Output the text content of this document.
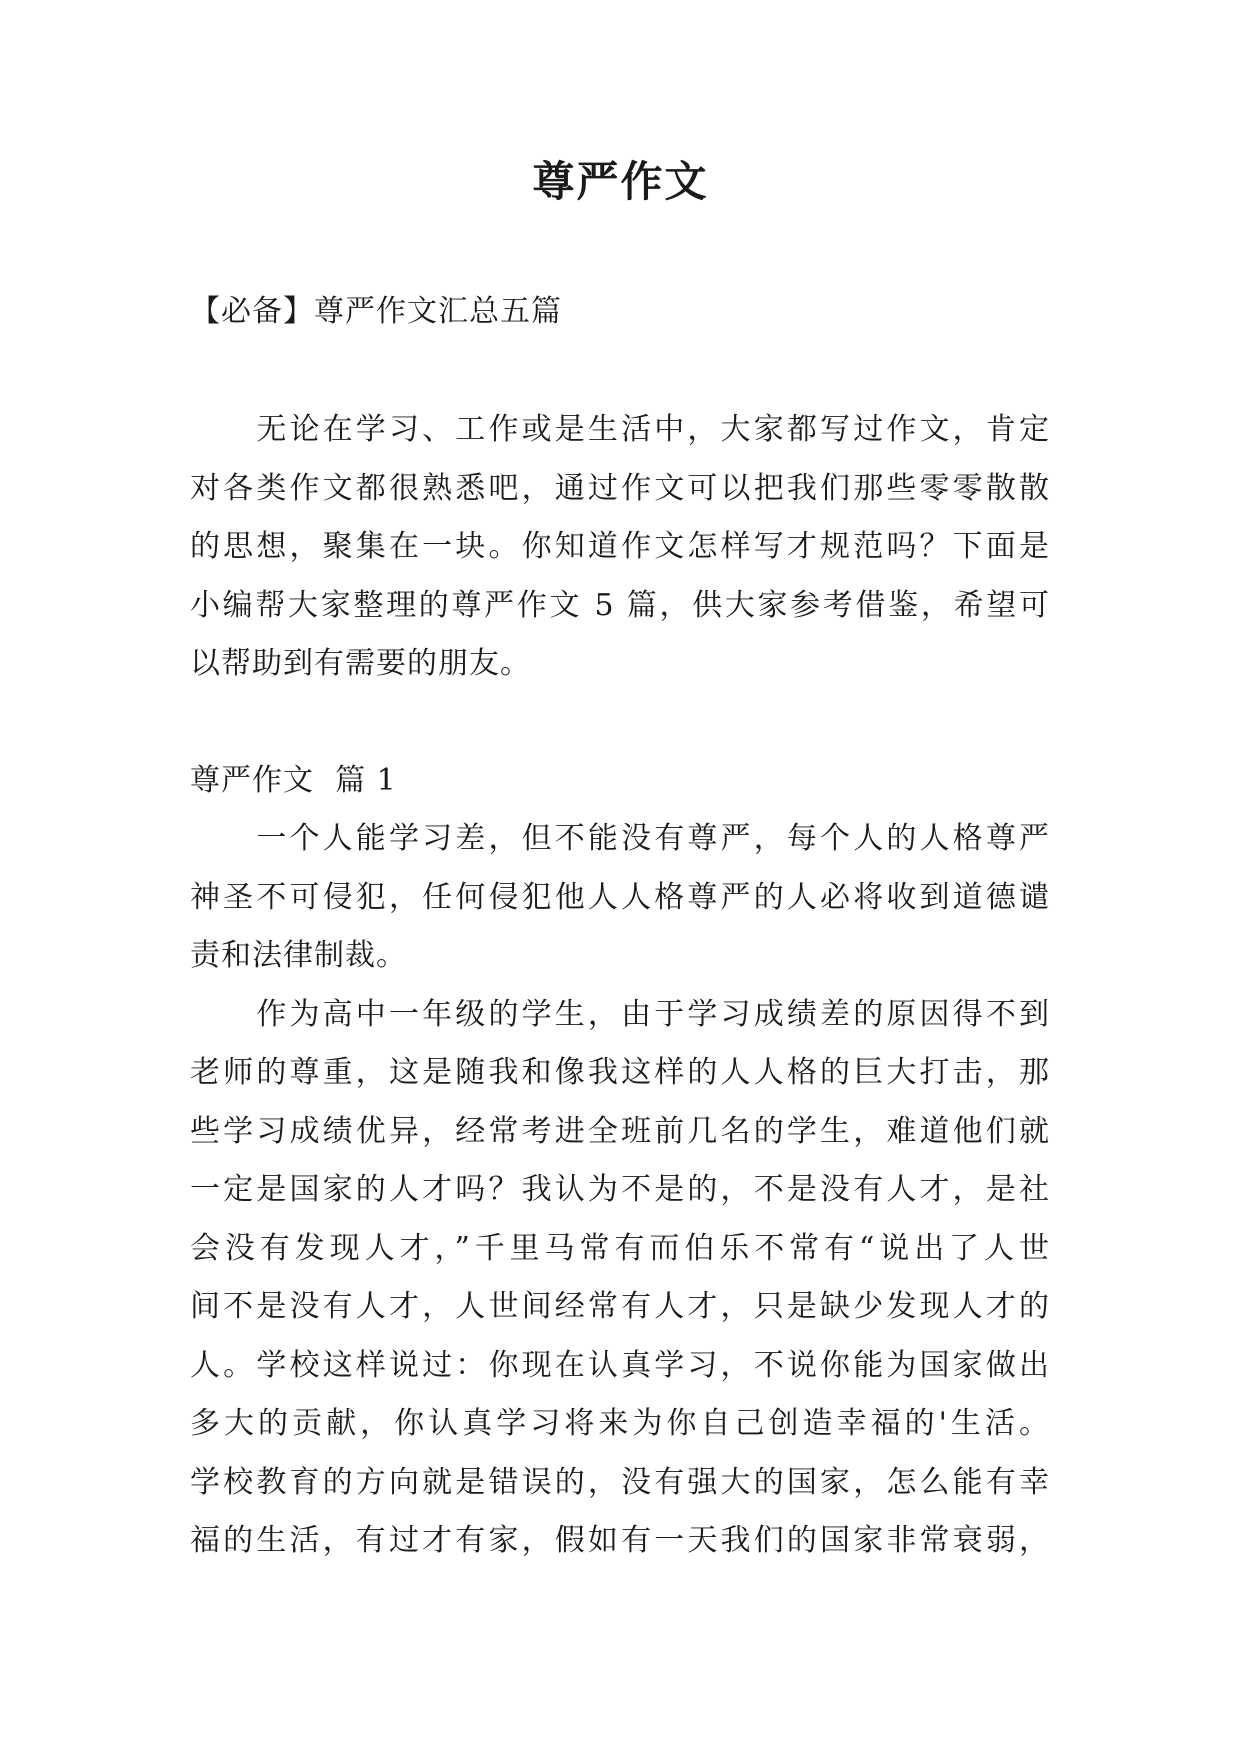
尊严作文
【必备】尊严作文汇总五篇
　　无论在学习、工作或是生活中，大家都写过作文，肯定
对各类作文都很熟悉吧，通过作文可以把我们那些零零散散
的思想，聚集在一块。你知道作文怎样写才规范吗？下面是
小编帮大家整理的尊严作文 5 篇，供大家参考借鉴，希望可
以帮助到有需要的朋友。
尊严作文  篇 1
　　一个人能学习差，但不能没有尊严，每个人的人格尊严
神圣不可侵犯，任何侵犯他人人格尊严的人必将收到道德谴
责和法律制裁。
　　作为高中一年级的学生，由于学习成绩差的原因得不到
老师的尊重，这是随我和像我这样的人人格的巨大打击，那
些学习成绩优异，经常考进全班前几名的学生，难道他们就
一定是国家的人才吗？我认为不是的，不是没有人才，是社
会没有发现人才，”千里马常有而伯乐不常有“说出了人世
间不是没有人才，人世间经常有人才，只是缺少发现人才的
人。学校这样说过：你现在认真学习，不说你能为国家做出
多大的贡献，你认真学习将来为你自己创造幸福的'生活。
学校教育的方向就是错误的，没有强大的国家，怎么能有幸
福的生活，有过才有家，假如有一天我们的国家非常衰弱，
